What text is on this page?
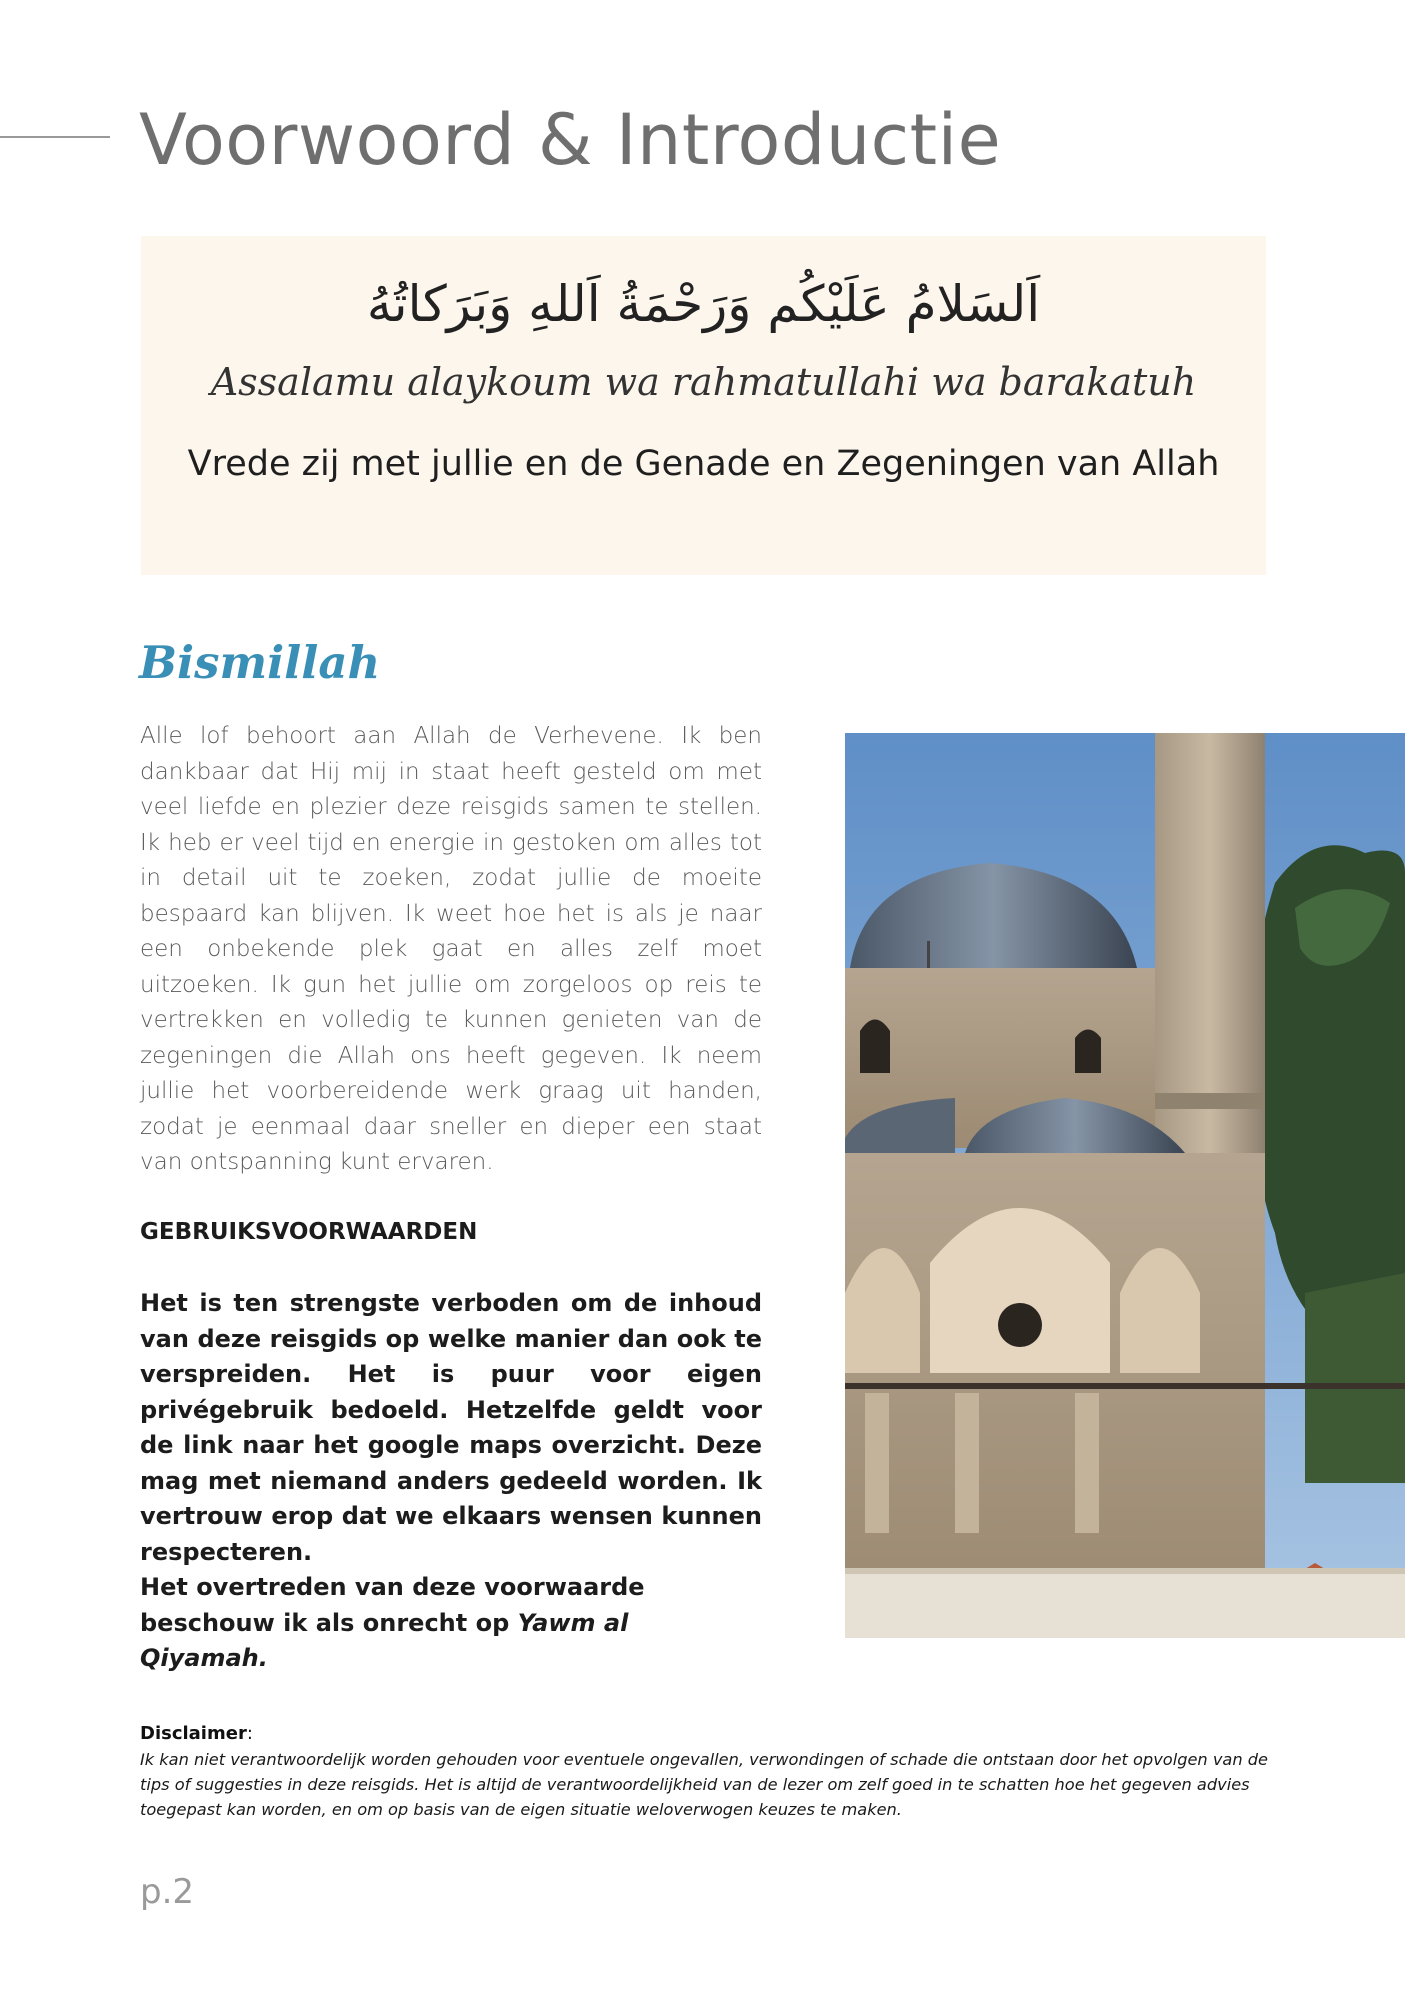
Voorwoord & Introductie
اَلسَلامُ عَلَيْكُم وَرَحْمَةُ اَللهِ وَبَرَكاتُهُ
Assalamu alaykoum wa rahmatullahi wa barakatuh
Vrede zij met jullie en de Genade en Zegeningen van Allah
Bismillah

Alle lof behoort aan Allah de Verhevene. Ik ben dankbaar dat Hij mij in staat heeft gesteld om met veel liefde en plezier deze reisgids samen te stellen. Ik heb er veel tijd en energie in gestoken om alles tot in detail uit te zoeken, zodat jullie de moeite bespaard kan blijven. Ik weet hoe het is als je naar een onbekende plek gaat en alles zelf moet uitzoeken. Ik gun het jullie om zorgeloos op reis te vertrekken en volledig te kunnen genieten van de zegeningen die Allah ons heeft gegeven. Ik neem jullie het voorbereidende werk graag uit handen, zodat je eenmaal daar sneller en dieper een staat van ontspanning kunt ervaren.

GEBRUIKSVOORWAARDEN

Het is ten strengste verboden om de inhoud van deze reisgids op welke manier dan ook te verspreiden. Het is puur voor eigen privégebruik bedoeld. Hetzelfde geldt voor de link naar het google maps overzicht. Deze mag met niemand anders gedeeld worden. Ik vertrouw erop dat we elkaars wensen kunnen respecteren.

Het overtreden van deze voorwaarde beschouw ik als onrecht op Yawm al Qiyamah.

Disclaimer:

Ik kan niet verantwoordelijk worden gehouden voor eventuele ongevallen, verwondingen of schade die ontstaan door het opvolgen van de tips of suggesties in deze reisgids. Het is altijd de verantwoordelijkheid van de lezer om zelf goed in te schatten hoe het gegeven advies toegepast kan worden, en om op basis van de eigen situatie weloverwogen keuzes te maken.

p.2
